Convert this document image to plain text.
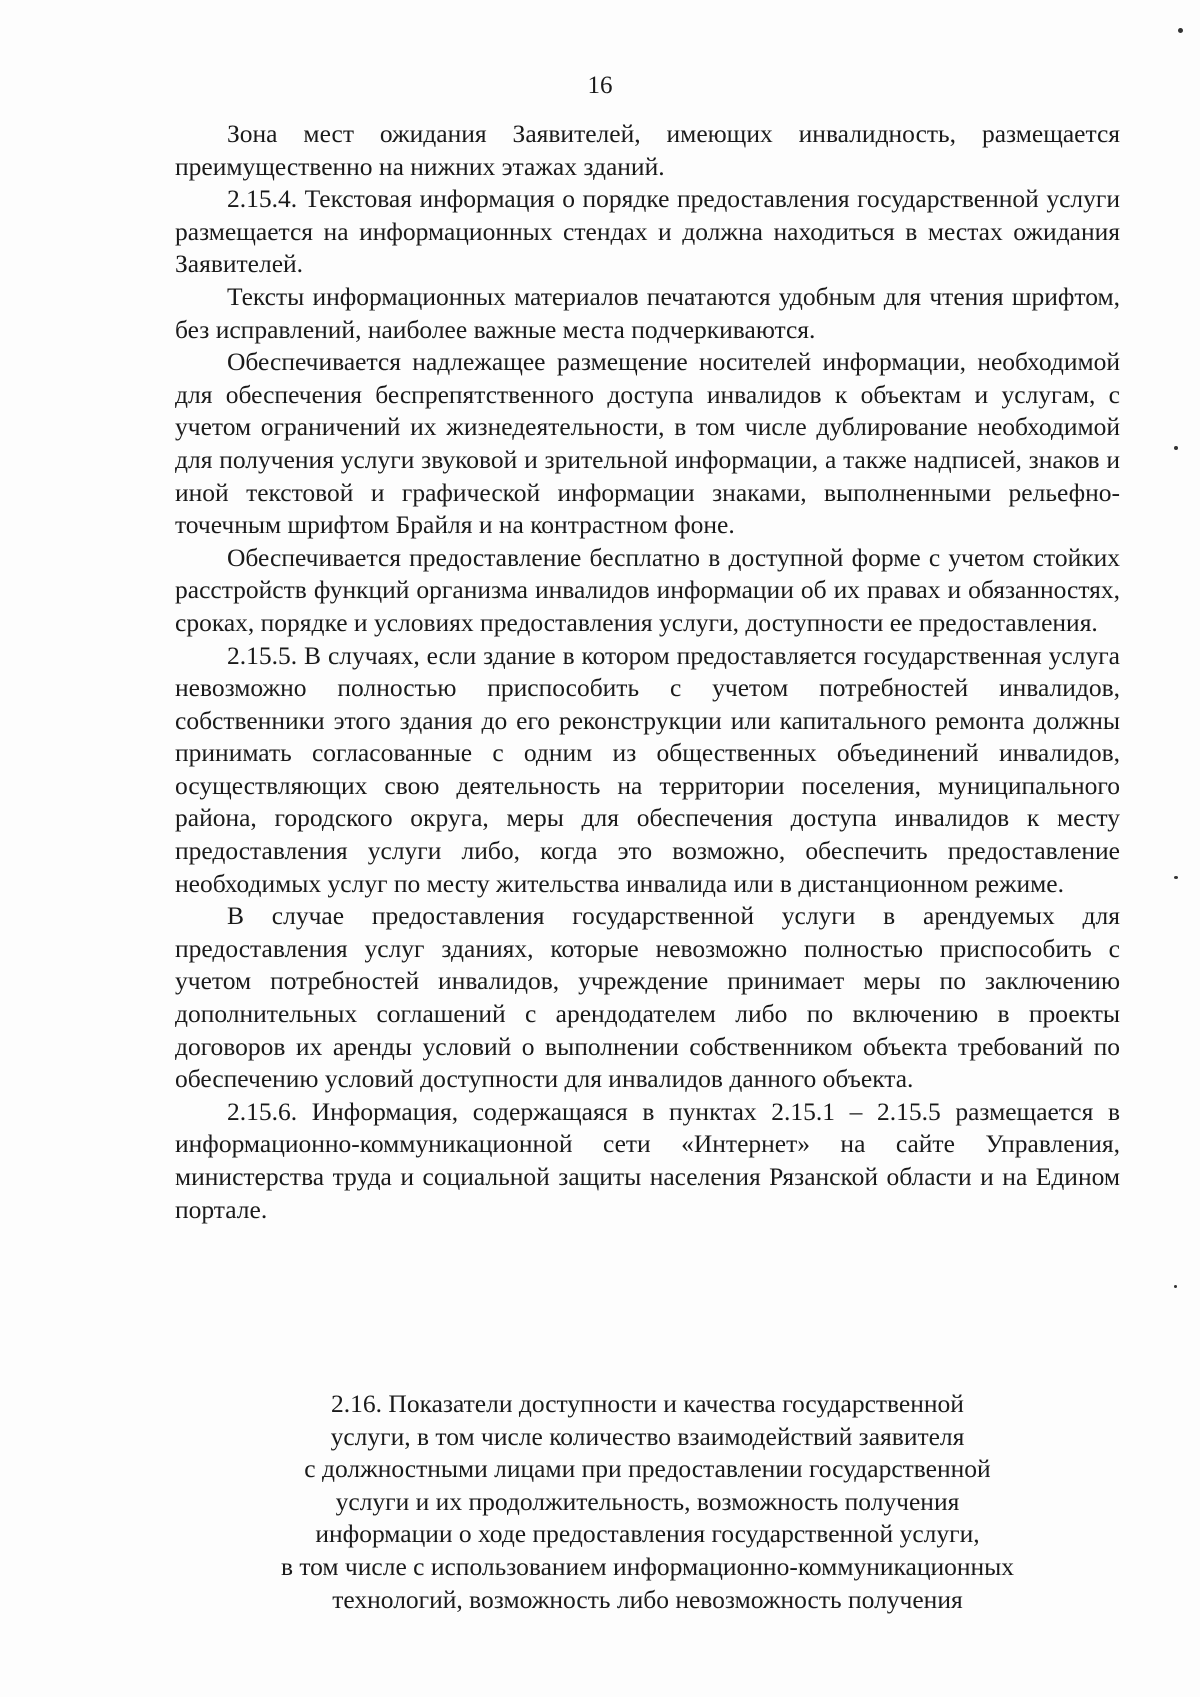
16

Зона мест ожидания Заявителей, имеющих инвалидность, размещается преимущественно на нижних этажах зданий.

2.15.4. Текстовая информация о порядке предоставления государственной услуги размещается на информационных стендах и должна находиться в местах ожидания Заявителей.

Тексты информационных материалов печатаются удобным для чтения шрифтом, без исправлений, наиболее важные места подчеркиваются.

Обеспечивается надлежащее размещение носителей информации, необходимой для обеспечения беспрепятственного доступа инвалидов к объектам и услугам, с учетом ограничений их жизнедеятельности, в том числе дублирование необходимой для получения услуги звуковой и зрительной информации, а также надписей, знаков и иной текстовой и графической информации знаками, выполненными рельефно-точечным шрифтом Брайля и на контрастном фоне.

Обеспечивается предоставление бесплатно в доступной форме с учетом стойких расстройств функций организма инвалидов информации об их правах и обязанностях, сроках, порядке и условиях предоставления услуги, доступности ее предоставления.

2.15.5. В случаях, если здание в котором предоставляется государственная услуга невозможно полностью приспособить с учетом потребностей инвалидов, собственники этого здания до его реконструкции или капитального ремонта должны принимать согласованные с одним из общественных объединений инвалидов, осуществляющих свою деятельность на территории поселения, муниципального района, городского округа, меры для обеспечения доступа инвалидов к месту предоставления услуги либо, когда это возможно, обеспечить предоставление необходимых услуг по месту жительства инвалида или в дистанционном режиме.

В случае предоставления государственной услуги в арендуемых для предоставления услуг зданиях, которые невозможно полностью приспособить с учетом потребностей инвалидов, учреждение принимает меры по заключению дополнительных соглашений с арендодателем либо по включению в проекты договоров их аренды условий о выполнении собственником объекта требований по обеспечению условий доступности для инвалидов данного объекта.

2.15.6. Информация, содержащаяся в пунктах 2.15.1 – 2.15.5 размещается в информационно-коммуникационной сети «Интернет» на сайте Управления, министерства труда и социальной защиты населения Рязанской области и на Едином портале.

2.16. Показатели доступности и качества государственной
услуги, в том числе количество взаимодействий заявителя
с должностными лицами при предоставлении государственной
услуги и их продолжительность, возможность получения
информации о ходе предоставления государственной услуги,
в том числе с использованием информационно-коммуникационных
технологий, возможность либо невозможность получения
